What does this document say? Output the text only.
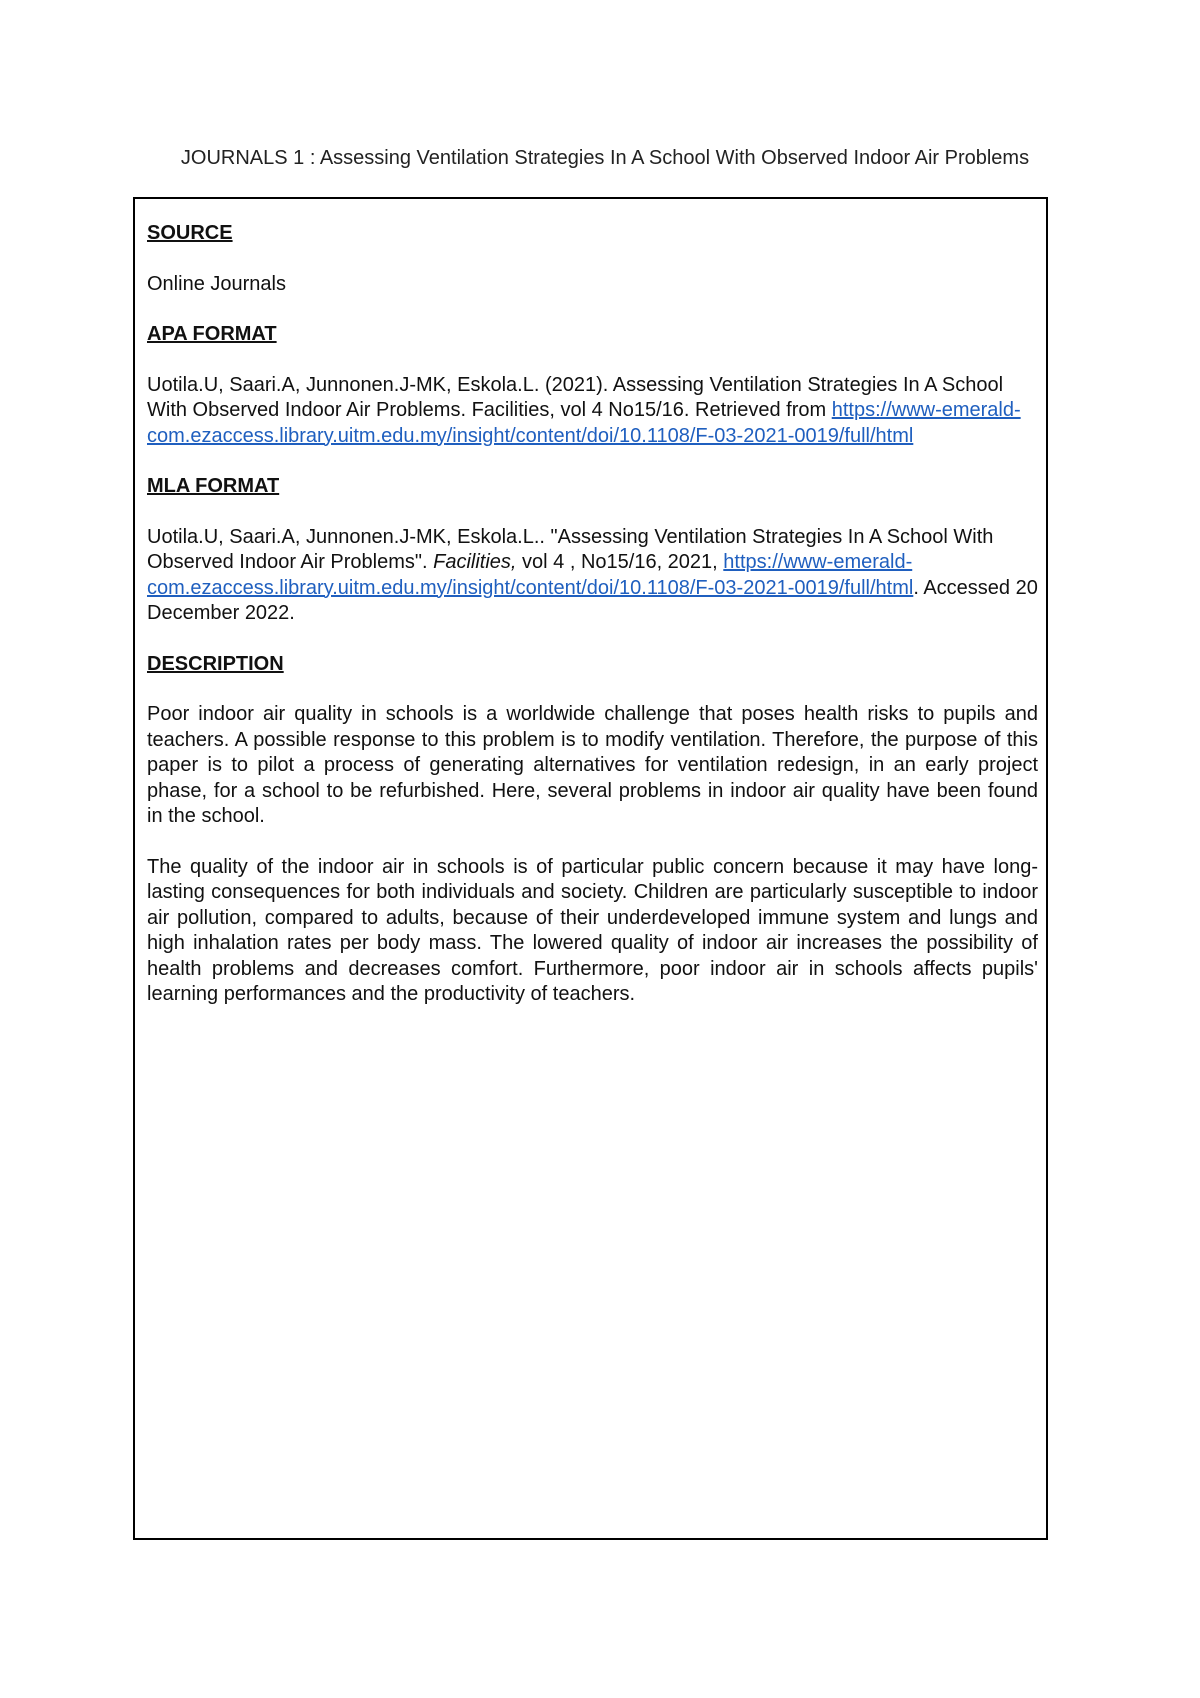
JOURNALS 1 : Assessing Ventilation Strategies In A School With Observed Indoor Air Problems

SOURCE

Online Journals

APA FORMAT

Uotila.U, Saari.A, Junnonen.J-MK, Eskola.L. (2021). Assessing Ventilation Strategies In A School With Observed Indoor Air Problems. Facilities, vol 4 No15/16. Retrieved from https://www-emerald-com.ezaccess.library.uitm.edu.my/insight/content/doi/10.1108/F-03-2021-0019/full/html

MLA FORMAT

Uotila.U, Saari.A, Junnonen.J-MK, Eskola.L.. "Assessing Ventilation Strategies In A School With Observed Indoor Air Problems". Facilities, vol 4 , No15/16, 2021, https://www-emerald-com.ezaccess.library.uitm.edu.my/insight/content/doi/10.1108/F-03-2021-0019/full/html. Accessed 20 December 2022.

DESCRIPTION

Poor indoor air quality in schools is a worldwide challenge that poses health risks to pupils and teachers. A possible response to this problem is to modify ventilation. Therefore, the purpose of this paper is to pilot a process of generating alternatives for ventilation redesign, in an early project phase, for a school to be refurbished. Here, several problems in indoor air quality have been found in the school.

The quality of the indoor air in schools is of particular public concern because it may have long-lasting consequences for both individuals and society. Children are particularly susceptible to indoor air pollution, compared to adults, because of their underdeveloped immune system and lungs and high inhalation rates per body mass. The lowered quality of indoor air increases the possibility of health problems and decreases comfort. Furthermore, poor indoor air in schools affects pupils' learning performances and the productivity of teachers.
